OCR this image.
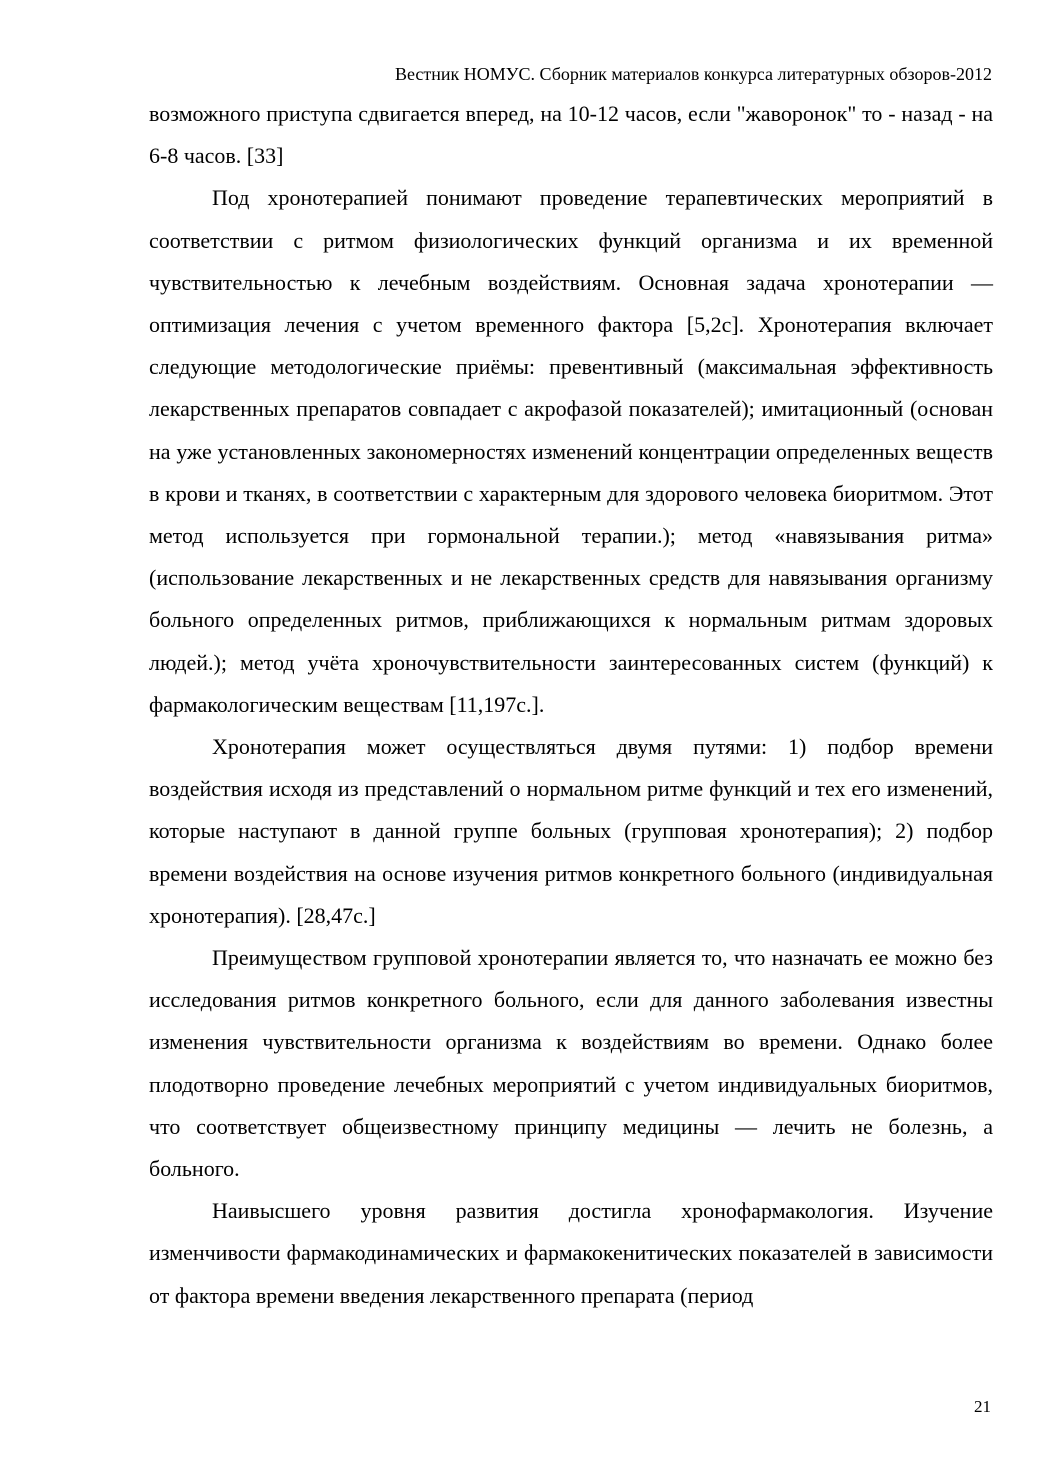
Вестник НОМУС. Сборник материалов конкурса литературных обзоров-2012

возможного приступа сдвигается вперед, на 10-12 часов, если "жаворонок" то - назад - на 6-8 часов. [33]

Под хронотерапией понимают проведение терапевтических мероприятий в соответствии с ритмом физиологических функций организма и их временной чувствительностью к лечебным воздействиям. Основная задача хронотерапии — оптимизация лечения с учетом временного фактора [5,2с]. Хронотерапия включает следующие методологические приёмы: превентивный (максимальная эффективность лекарственных препаратов совпадает с акрофазой показателей); имитационный (основан на уже установленных закономерностях изменений концентрации определенных веществ в крови и тканях, в соответствии с характерным для здорового человека биоритмом. Этот метод используется при гормональной терапии.); метод «навязывания ритма» (использование лекарственных и не лекарственных средств для навязывания организму больного определенных ритмов, приближающихся к нормальным ритмам здоровых людей.); метод учёта хроночувствительности заинтересованных систем (функций) к фармакологическим веществам [11,197с.].

Хронотерапия может осуществляться двумя путями: 1) подбор времени воздействия исходя из представлений о нормальном ритме функций и тех его изменений, которые наступают в данной группе больных (групповая хронотерапия); 2) подбор времени воздействия на основе изучения ритмов конкретного больного (индивидуальная хронотерапия). [28,47с.]

Преимуществом групповой хронотерапии является то, что назначать ее можно без исследования ритмов конкретного больного, если для данного заболевания известны изменения чувствительности организма к воздействиям во времени. Однако более плодотворно проведение лечебных мероприятий с учетом индивидуальных биоритмов, что соответствует общеизвестному принципу медицины — лечить не болезнь, а больного.

Наивысшего уровня развития достигла хронофармакология. Изучение изменчивости фармакодинамических и фармакокенитических показателей в зависимости от фактора времени введения лекарственного препарата (период

21
